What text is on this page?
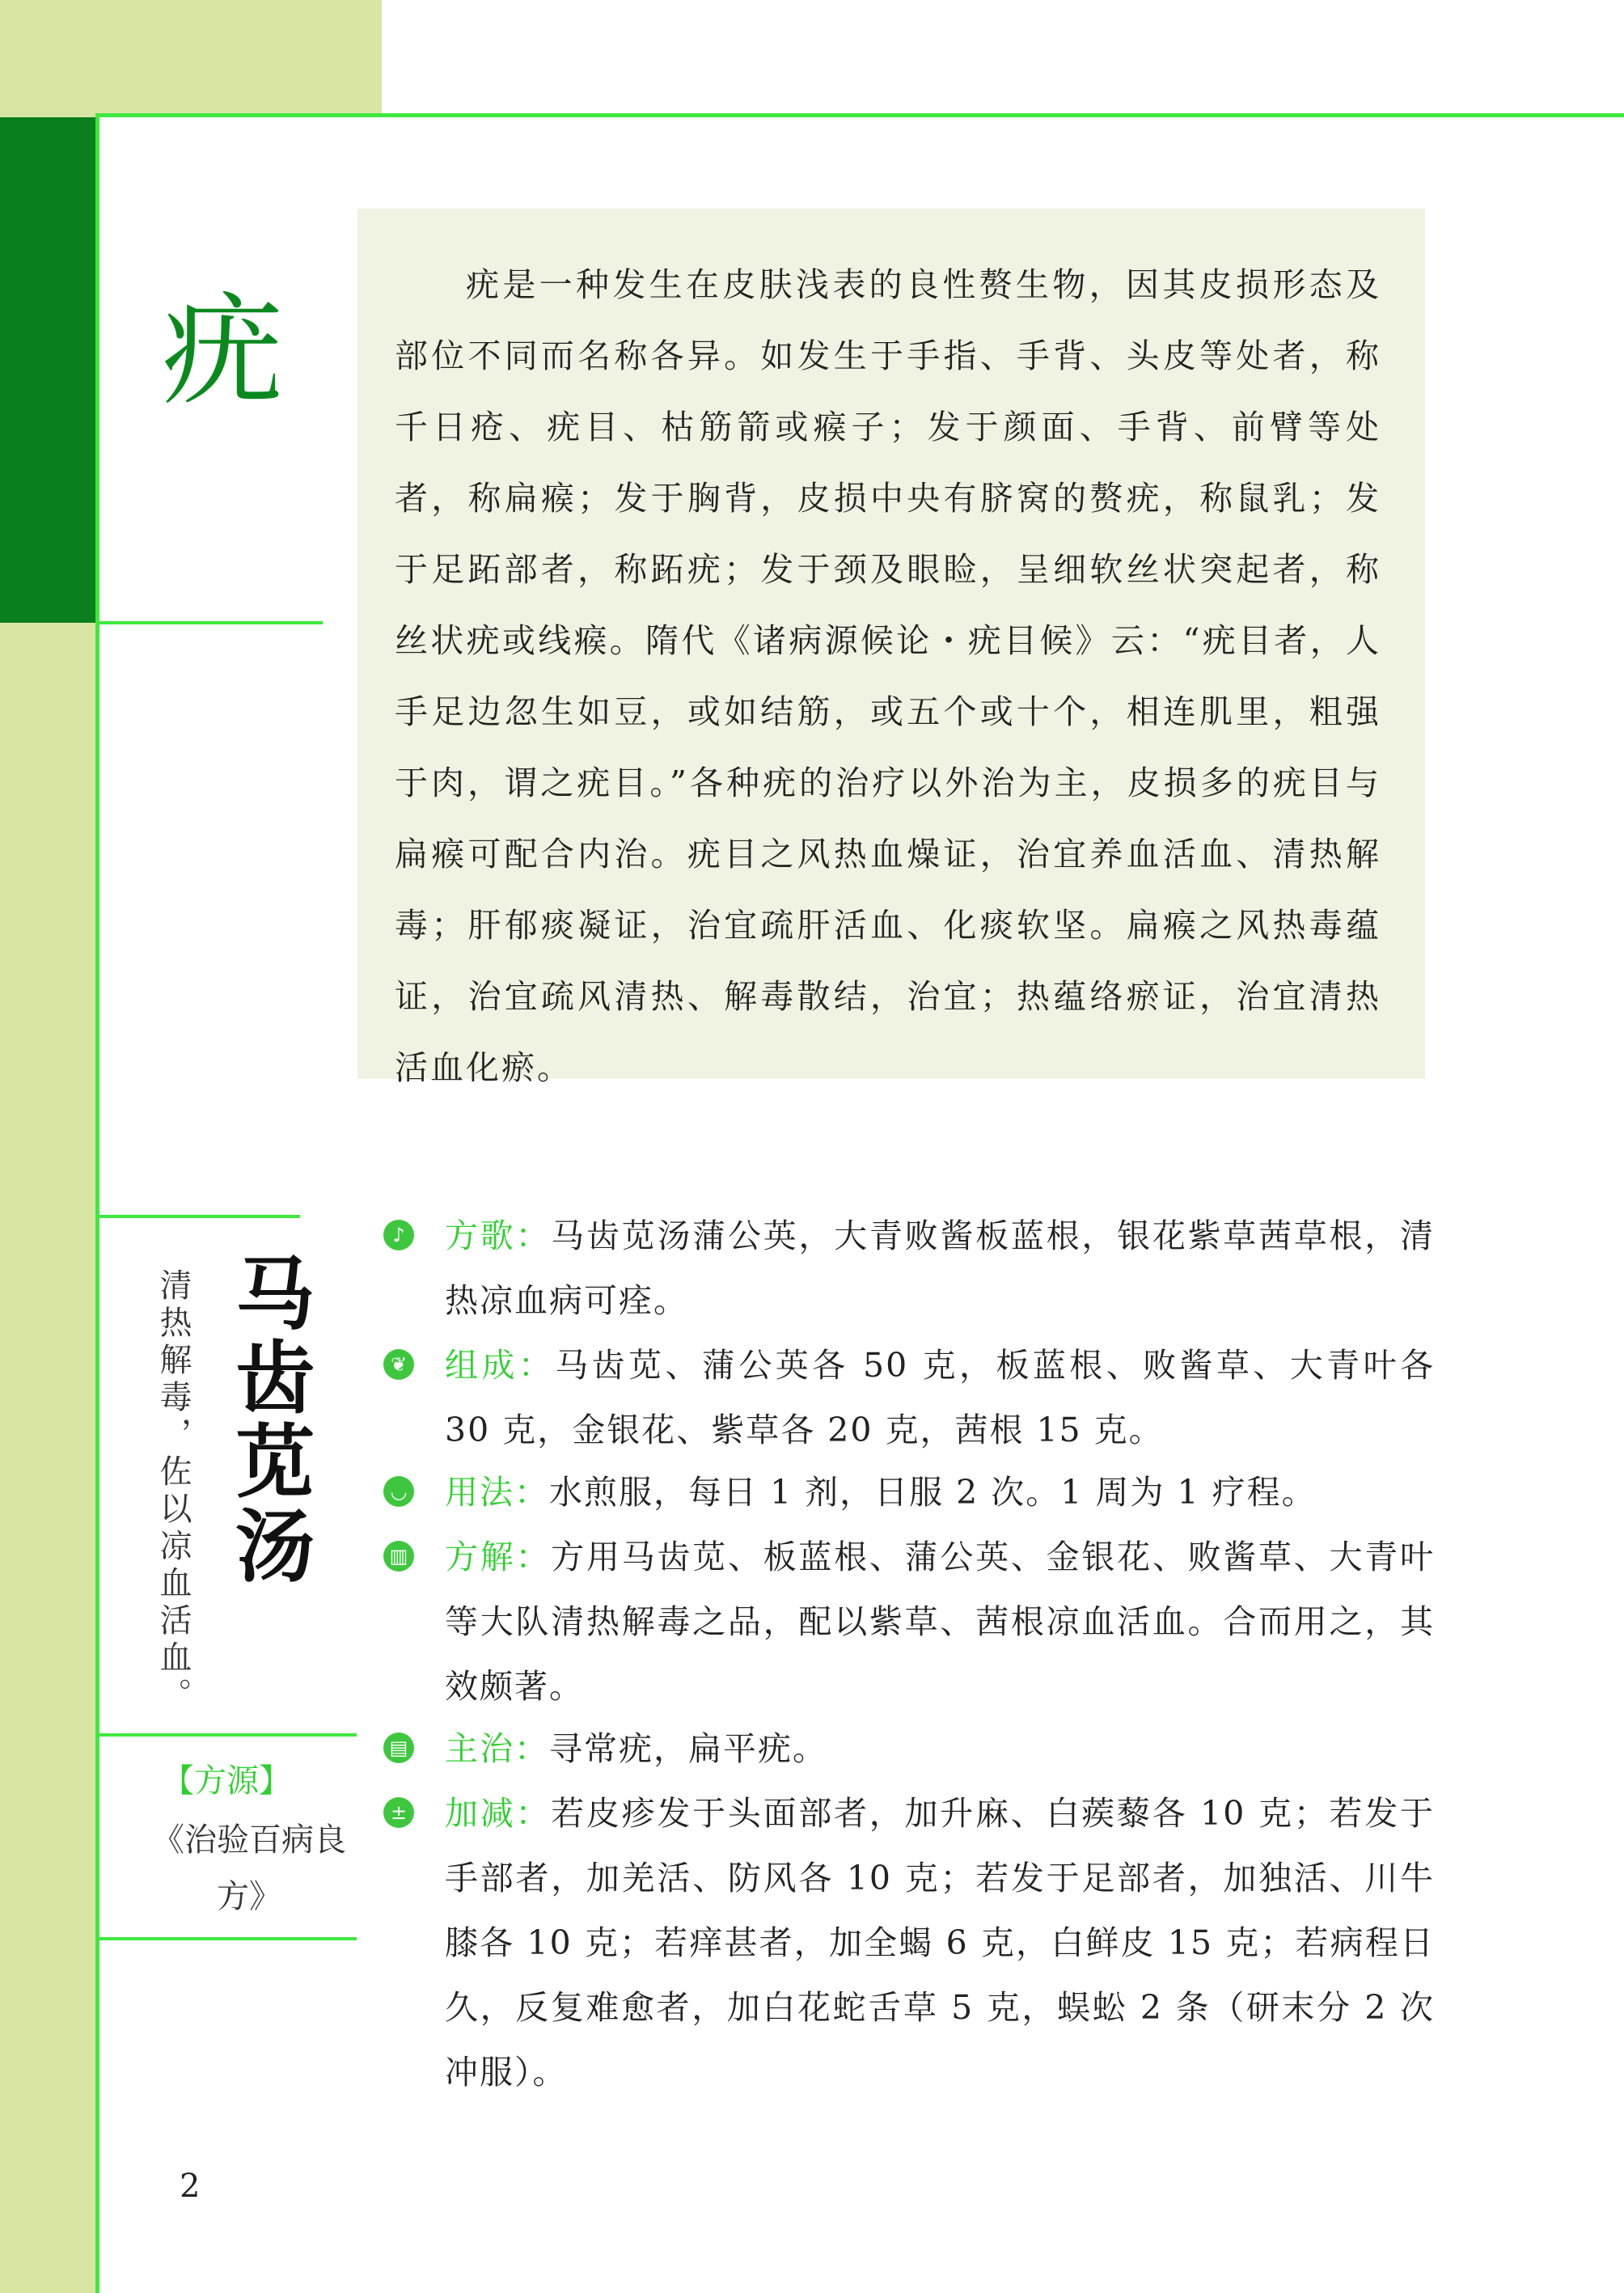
疣	疣是一种发生在皮肤浅表的良性赘生物，因其皮损形态及部位不同而名称各异。如发生于手指、手背、头皮等处者，称千日疮、疣目、枯筋箭或瘊子；发于颜面、手背、前臂等处者，称扁瘊；发于胸背，皮损中央有脐窝的赘疣，称鼠乳；发于足跖部者，称跖疣；发于颈及眼睑，呈细软丝状突起者，称丝状疣或线瘊。隋代《诸病源候论・疣目候》云：“疣目者，人手足边忽生如豆，或如结筋，或五个或十个，相连肌里，粗强于肉，谓之疣目。”各种疣的治疗以外治为主，皮损多的疣目与扁瘊可配合内治。疣目之风热血燥证，治宜养血活血、清热解毒；肝郁痰凝证，治宜疏肝活血、化痰软坚。扁瘊之风热毒蕴证，治宜疏风清热、解毒散结，治宜；热蕴络瘀证，治宜清热活血化瘀。

马齿苋汤
清热解毒，佐以凉血活血。
【方源】
《治验百病良方》
♪ 方歌：马齿苋汤蒲公英，大青败酱板蓝根，银花紫草茜草根，清热凉血病可痊。
❦ 组成：马齿苋、蒲公英各 50 克，板蓝根、败酱草、大青叶各 30 克，金银花、紫草各 20 克，茜根 15 克。
◡ 用法：水煎服，每日 1 剂，日服 2 次。1 周为 1 疗程。
▥ 方解：方用马齿苋、板蓝根、蒲公英、金银花、败酱草、大青叶等大队清热解毒之品，配以紫草、茜根凉血活血。合而用之，其效颇著。
▤ 主治：寻常疣，扁平疣。
± 加减：若皮疹发于头面部者，加升麻、白蒺藜各 10 克；若发于手部者，加羌活、防风各 10 克；若发于足部者，加独活、川牛膝各 10 克；若痒甚者，加全蝎 6 克，白鲜皮 15 克；若病程日久，反复难愈者，加白花蛇舌草 5 克，蜈蚣 2 条（研末分 2 次冲服）。
2
